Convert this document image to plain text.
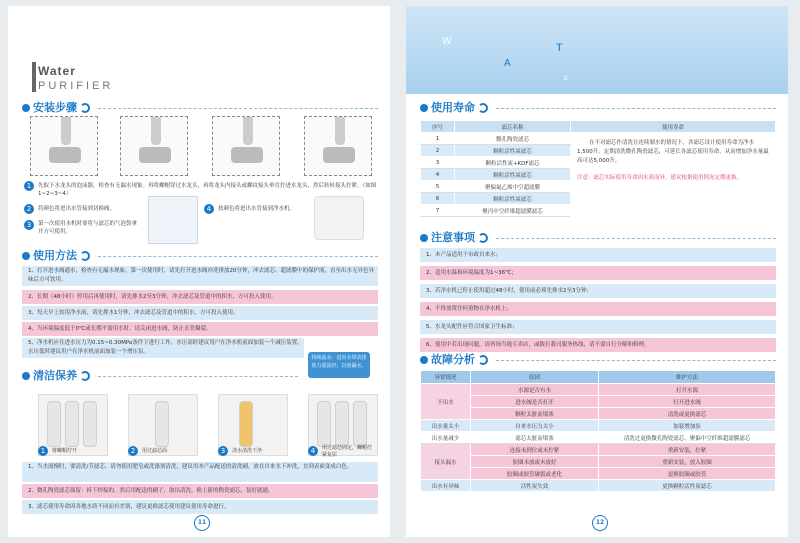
Water
PURIFIER
安装步骤
1	先取下水龙头的泡沫器，检查有无漏水现象。再将螺帽穿过水龙头，再将龙头内接头或螺纹接头垂直拧进水龙头，然后转转接头拧紧。（如图1~2~3~4）
2	将颜色将进出水管接到切换阀。
3	第一次使用水机时要将与滤芯的气泡袋拿开方可使用。
4	按颜色将进出水管接到净水机。
使用方法
1、打开进水阀通水，检查有无漏水现象。第一次使用时，请先打开进水阀冲洗排放20分钟，冲去滤芯、超滤膜中的保护液，直至出水无异色异味后方可饮用。
2、长期（48小时）停用后再使用时，请先排水2至3分钟，冲去滤芯及管道中的积水，方可投入使用。
3、每天早上饮用净水前，请先排水1分钟，冲去滤芯及管道中的积水，方可投入使用。
4、当环境温度低于0℃或长期不需用水时，请关闭进水阀，防止水管爆裂。
5、净水机应在进水压力为0.15~0.30MPa条件下进行工作，水压高时建议用户在净水机前面加装一个减压装置，水压低时建议用户在净水机前面加装一个增压泵。
持续流水：进出水带动排放力量流经，以免漏水。
清洁保养
1	将螺帽拧开	2	用过滤芯面	3	清水清洗干净	4	用过滤芯固定，螺帽拧紧复原
1、当水流慢时，要清洗/节滤芯。请勿使用肥皂或洗涤剂清洗，建议用本产品配送的清洗刷，放在自来水下冲洗，直到表面变成白色。
2、微孔陶瓷滤芯保留：拆下焊接的，然后用配送的刷子，取出清洗。换上新的陶瓷滤芯，装好就通。
3、滤芯使用寿命因各地水质不同而有差别，建议更换滤芯使用建议使用寿命进行。
11
W
T
A
E
使用寿命
序号	滤芯名称	使用寿命
1	微孔陶瓷滤芯	在不对滤芯作清洗且连续制水的情况下，各滤芯设计使用寿命为净水1,500升。定期清洗微孔陶瓷滤芯，可延长各滤芯使用寿命，从而增加净水量最高可达5,000升。
注意：滤芯实际使用寿命因水质而异，建议根据使用情况定期更换。

2	颗粒活性炭滤芯	
3	颗粒活性炭+KDF滤芯	
4	颗粒活性炭滤芯	
5	聚偏氟乙烯中空超滤膜	
6	颗粒活性炭滤芯	
7	聚丙中空纤维超滤膜滤芯	
注意事项
1、本产品适用于市政自来水；
2、适用水温和环境温度为1~36℃；
3、若净水机已停止使用超过48小时，使用前必须先排水2至3分钟；
4、不得放置任何重物在净水机上；
5、水龙头配件应符合国家卫生标准；
6、使用中若出现问题，请咨询当地专卖店，或拨打我司服务热线，请不要自行分解和修理。
故障分析
异常情况	原因	维护方法
不出水	水源是否有水	打开水源
	进水阀是否打开	打开进水阀
	颗粒太脏而堵塞	清洗或更换滤芯
出水量太小	自来水压力太小	加装增加泵
出水量减少	滤芯太脏而堵塞	清洗过更换微孔陶瓷滤芯、聚偏中空纤维超滤膜滤芯
接头漏水	连接未到位或未拧紧	重新安装，拧紧
	胶圈未放或未放好	重新安装，放入胶圈
	胶圈或胶管破裂或老化	更换胶圈或胶管
出水有异味	活性炭失效	更换颗粒活性炭滤芯
12
